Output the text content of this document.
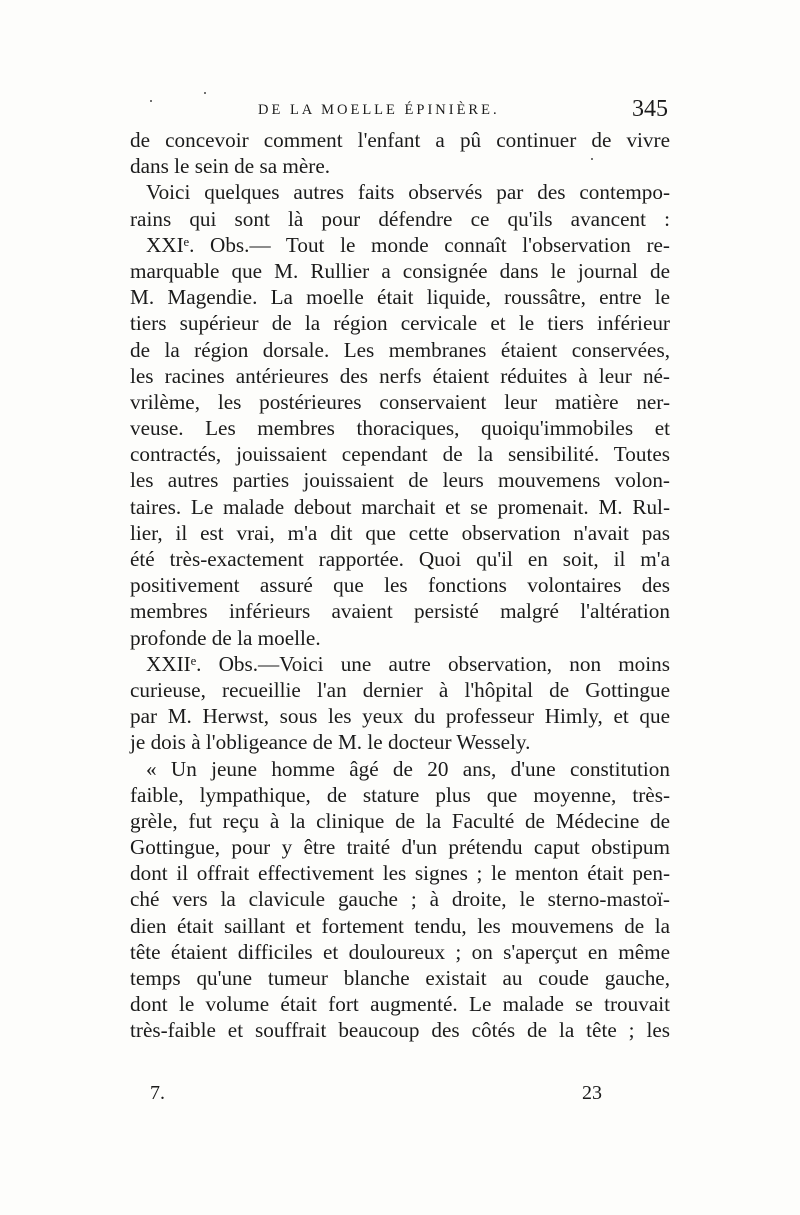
DE LA MOELLE ÉPINIÈRE.	345
de concevoir comment l'enfant a pû continuer de vivre
dans le sein de sa mère.
Voici quelques autres faits observés par des contempo-
rains qui sont là pour défendre ce qu'ils avancent :
XXIᵉ. Obs.— Tout le monde connaît l'observation re-
marquable que M. Rullier a consignée dans le journal de
M. Magendie. La moelle était liquide, roussâtre, entre le
tiers supérieur de la région cervicale et le tiers inférieur
de la région dorsale. Les membranes étaient conservées,
les racines antérieures des nerfs étaient réduites à leur né-
vrilème, les postérieures conservaient leur matière ner-
veuse. Les membres thoraciques, quoiqu'immobiles et
contractés, jouissaient cependant de la sensibilité. Toutes
les autres parties jouissaient de leurs mouvemens volon-
taires. Le malade debout marchait et se promenait. M. Rul-
lier, il est vrai, m'a dit que cette observation n'avait pas
été très-exactement rapportée. Quoi qu'il en soit, il m'a
positivement assuré que les fonctions volontaires des
membres inférieurs avaient persisté malgré l'altération
profonde de la moelle.
XXIIᵉ. Obs.—Voici une autre observation, non moins
curieuse, recueillie l'an dernier à l'hôpital de Gottingue
par M. Herwst, sous les yeux du professeur Himly, et que
je dois à l'obligeance de M. le docteur Wessely.
« Un jeune homme âgé de 20 ans, d'une constitution
faible, lympathique, de stature plus que moyenne, très-
grèle, fut reçu à la clinique de la Faculté de Médecine de
Gottingue, pour y être traité d'un prétendu caput obstipum
dont il offrait effectivement les signes ; le menton était pen-
ché vers la clavicule gauche ; à droite, le sterno-mastoï-
dien était saillant et fortement tendu, les mouvemens de la
tête étaient difficiles et douloureux ; on s'aperçut en même
temps qu'une tumeur blanche existait au coude gauche,
dont le volume était fort augmenté. Le malade se trouvait
très-faible et souffrait beaucoup des côtés de la tête ; les
7.	23
